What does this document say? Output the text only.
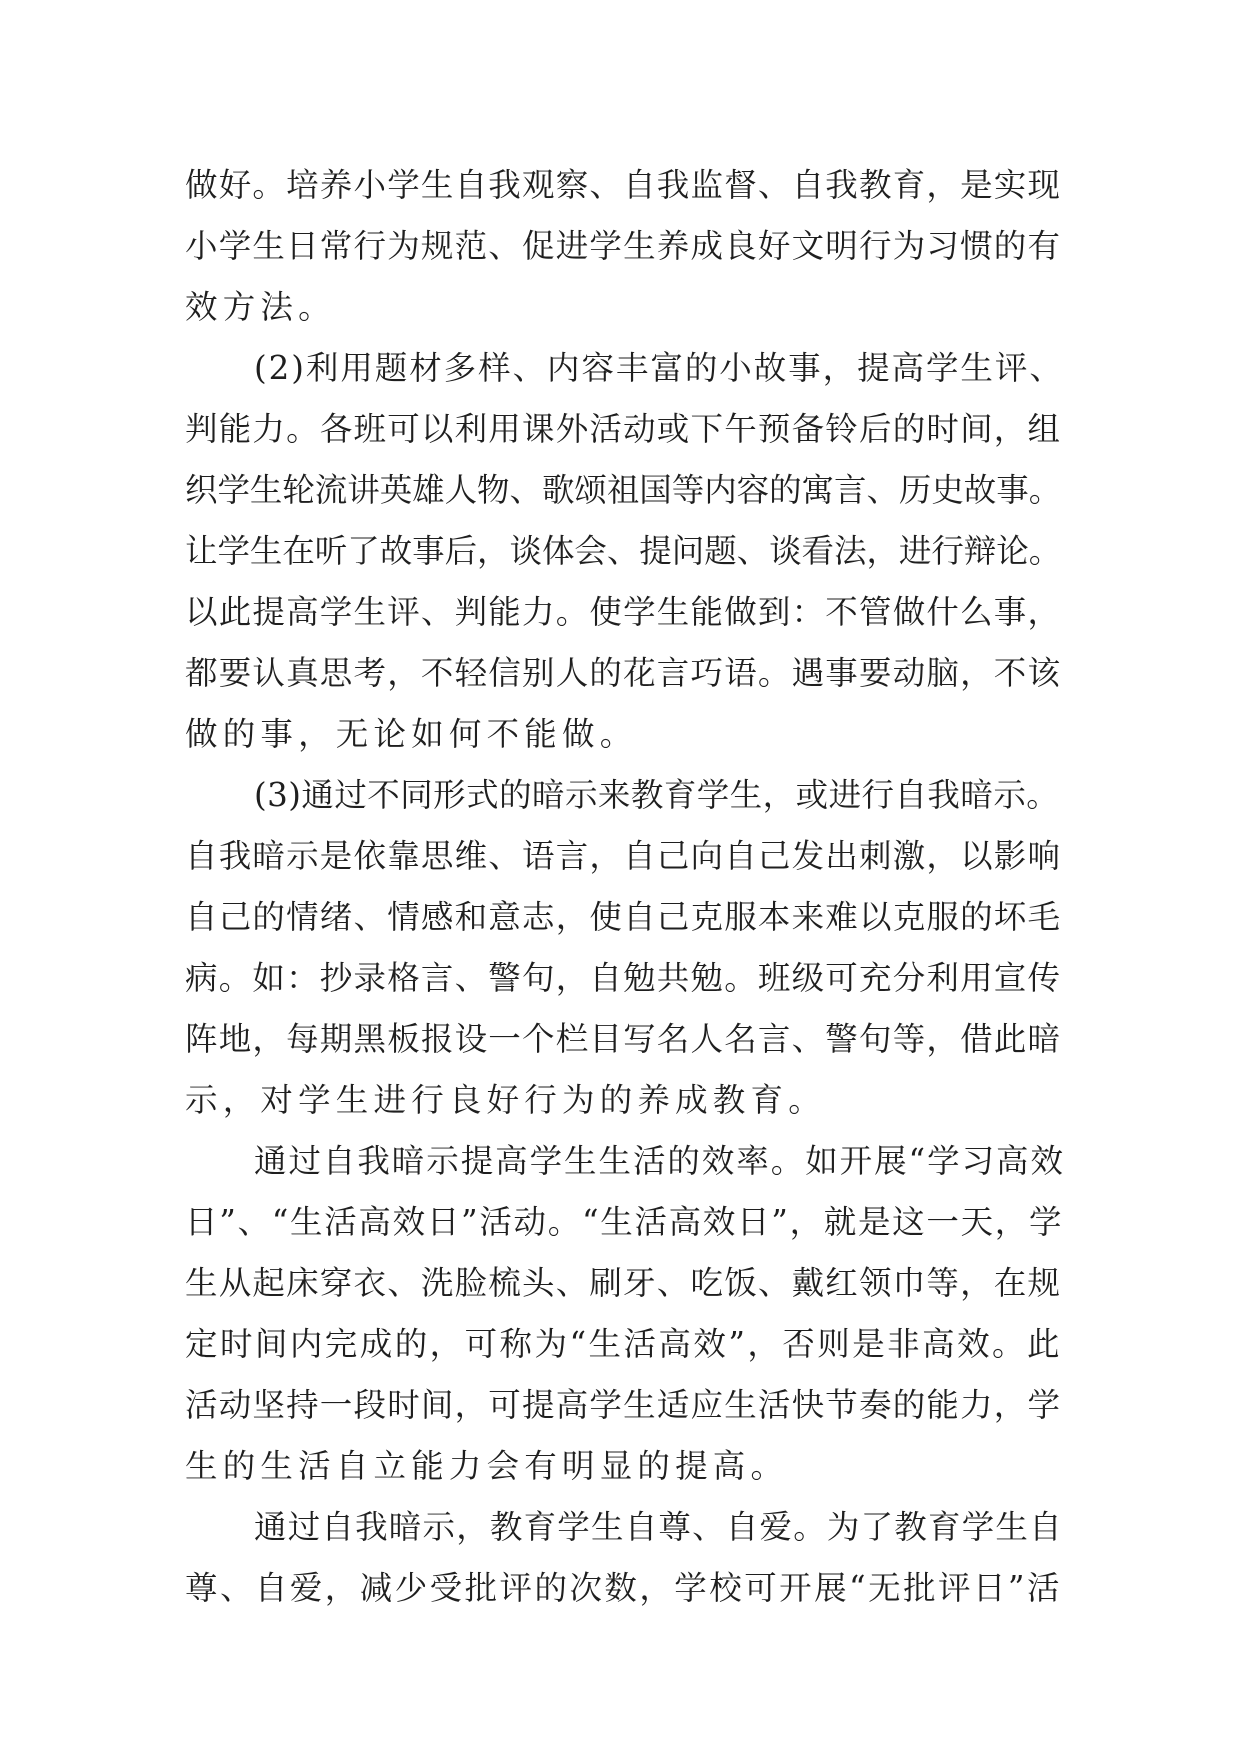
做好。培养小学生自我观察、自我监督、自我教育，是实现
小学生日常行为规范、促进学生养成良好文明行为习惯的有
效方法。
(2)利用题材多样、内容丰富的小故事，提高学生评、
判能力。各班可以利用课外活动或下午预备铃后的时间，组
织学生轮流讲英雄人物、歌颂祖国等内容的寓言、历史故事。
让学生在听了故事后，谈体会、提问题、谈看法，进行辩论。
以此提高学生评、判能力。使学生能做到：不管做什么事，
都要认真思考，不轻信别人的花言巧语。遇事要动脑，不该
做的事，无论如何不能做。
(3)通过不同形式的暗示来教育学生，或进行自我暗示。
自我暗示是依靠思维、语言，自己向自己发出刺激，以影响
自己的情绪、情感和意志，使自己克服本来难以克服的坏毛
病。如：抄录格言、警句，自勉共勉。班级可充分利用宣传
阵地，每期黑板报设一个栏目写名人名言、警句等，借此暗
示，对学生进行良好行为的养成教育。
通过自我暗示提高学生生活的效率。如开展“学习高效
日”、“生活高效日”活动。“生活高效日”，就是这一天，学
生从起床穿衣、洗脸梳头、刷牙、吃饭、戴红领巾等，在规
定时间内完成的，可称为“生活高效”，否则是非高效。此
活动坚持一段时间，可提高学生适应生活快节奏的能力，学
生的生活自立能力会有明显的提高。
通过自我暗示，教育学生自尊、自爱。为了教育学生自
尊、自爱，减少受批评的次数，学校可开展“无批评日”活
